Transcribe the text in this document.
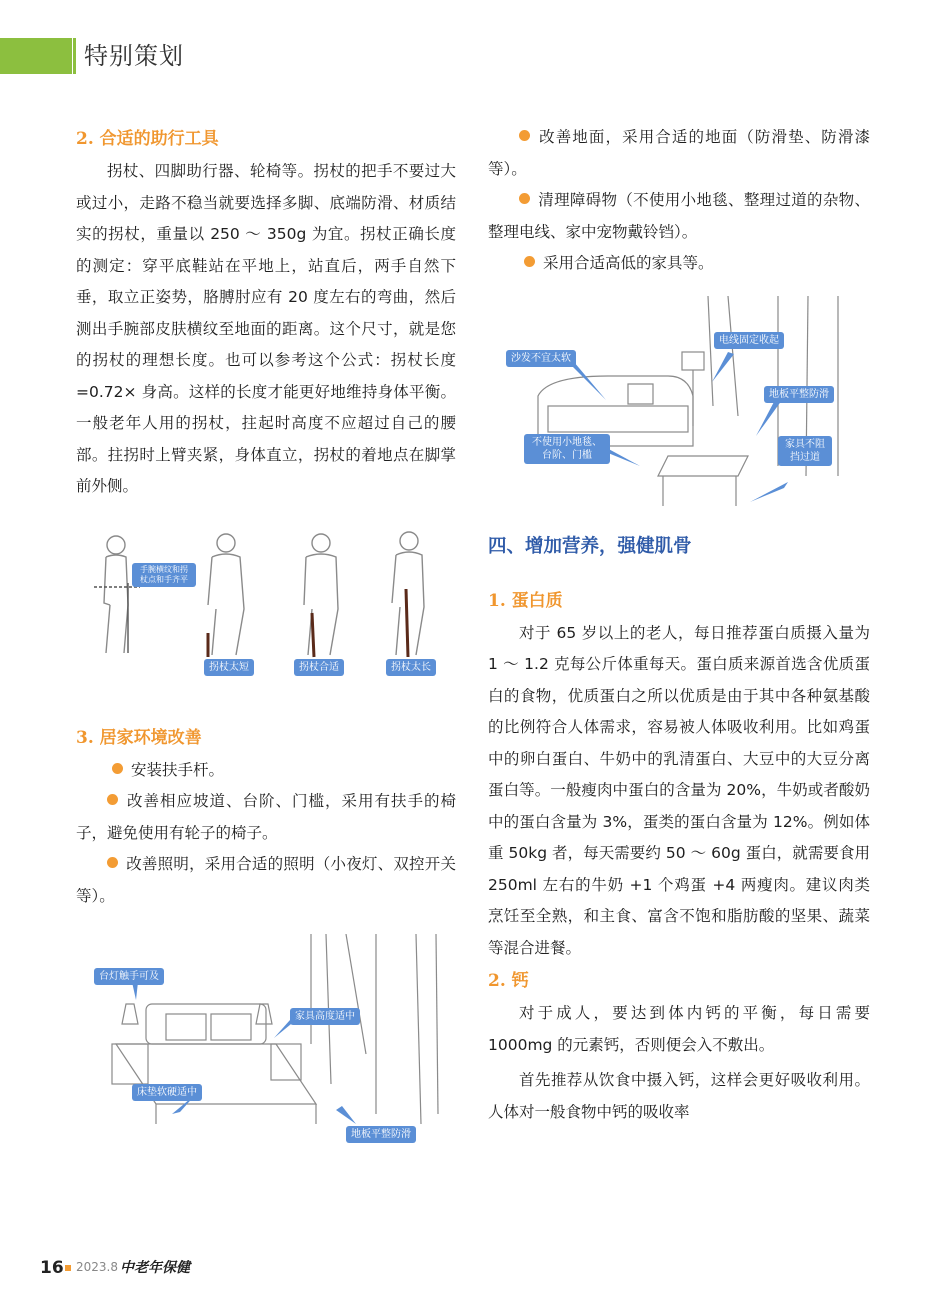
特别策划

2. 合适的助行工具

拐杖、四脚助行器、轮椅等。拐杖的把手不要过大或过小，走路不稳当就要选择多脚、底端防滑、材质结实的拐杖，重量以 250 ～ 350g 为宜。拐杖正确长度的测定：穿平底鞋站在平地上，站直后，两手自然下垂，取立正姿势，胳膊肘应有 20 度左右的弯曲，然后测出手腕部皮肤横纹至地面的距离。这个尺寸，就是您的拐杖的理想长度。也可以参考这个公式：拐杖长度 =0.72× 身高。这样的长度才能更好地维持身体平衡。一般老年人用的拐杖，拄起时高度不应超过自己的腰部。拄拐时上臂夹紧，身体直立，拐杖的着地点在脚掌前外侧。

手腕横纹和拐杖点和手齐平
拐杖太短	拐杖合适	拐杖太长

3. 居家环境改善

安装扶手杆。

改善相应坡道、台阶、门槛，采用有扶手的椅子，避免使用有轮子的椅子。

改善照明，采用合适的照明（小夜灯、双控开关等）。

台灯触手可及
家具高度适中
床垫软硬适中
地板平整防滑

改善地面，采用合适的地面（防滑垫、防滑漆等）。

清理障碍物（不使用小地毯、整理过道的杂物、整理电线、家中宠物戴铃铛）。

采用合适高低的家具等。

沙发不宜太软
电线固定收起
地板平整防滑
不使用小地毯、台阶、门槛
家具不阻挡过道

四、增加营养，强健肌骨

1. 蛋白质

对于 65 岁以上的老人，每日推荐蛋白质摄入量为 1 ～ 1.2 克每公斤体重每天。蛋白质来源首选含优质蛋白的食物，优质蛋白之所以优质是由于其中各种氨基酸的比例符合人体需求，容易被人体吸收利用。比如鸡蛋中的卵白蛋白、牛奶中的乳清蛋白、大豆中的大豆分离蛋白等。一般瘦肉中蛋白的含量为 20%，牛奶或者酸奶中的蛋白含量为 3%，蛋类的蛋白含量为 12%。例如体重 50kg 者，每天需要约 50 ～ 60g 蛋白，就需要食用 250ml 左右的牛奶 +1 个鸡蛋 +4 两瘦肉。建议肉类烹饪至全熟，和主食、富含不饱和脂肪酸的坚果、蔬菜等混合进餐。

2. 钙

对于成人，要达到体内钙的平衡，每日需要 1000mg 的元素钙，否则便会入不敷出。

首先推荐从饮食中摄入钙，这样会更好吸收利用。人体对一般食物中钙的吸收率

16 2023.8 中老年保健
